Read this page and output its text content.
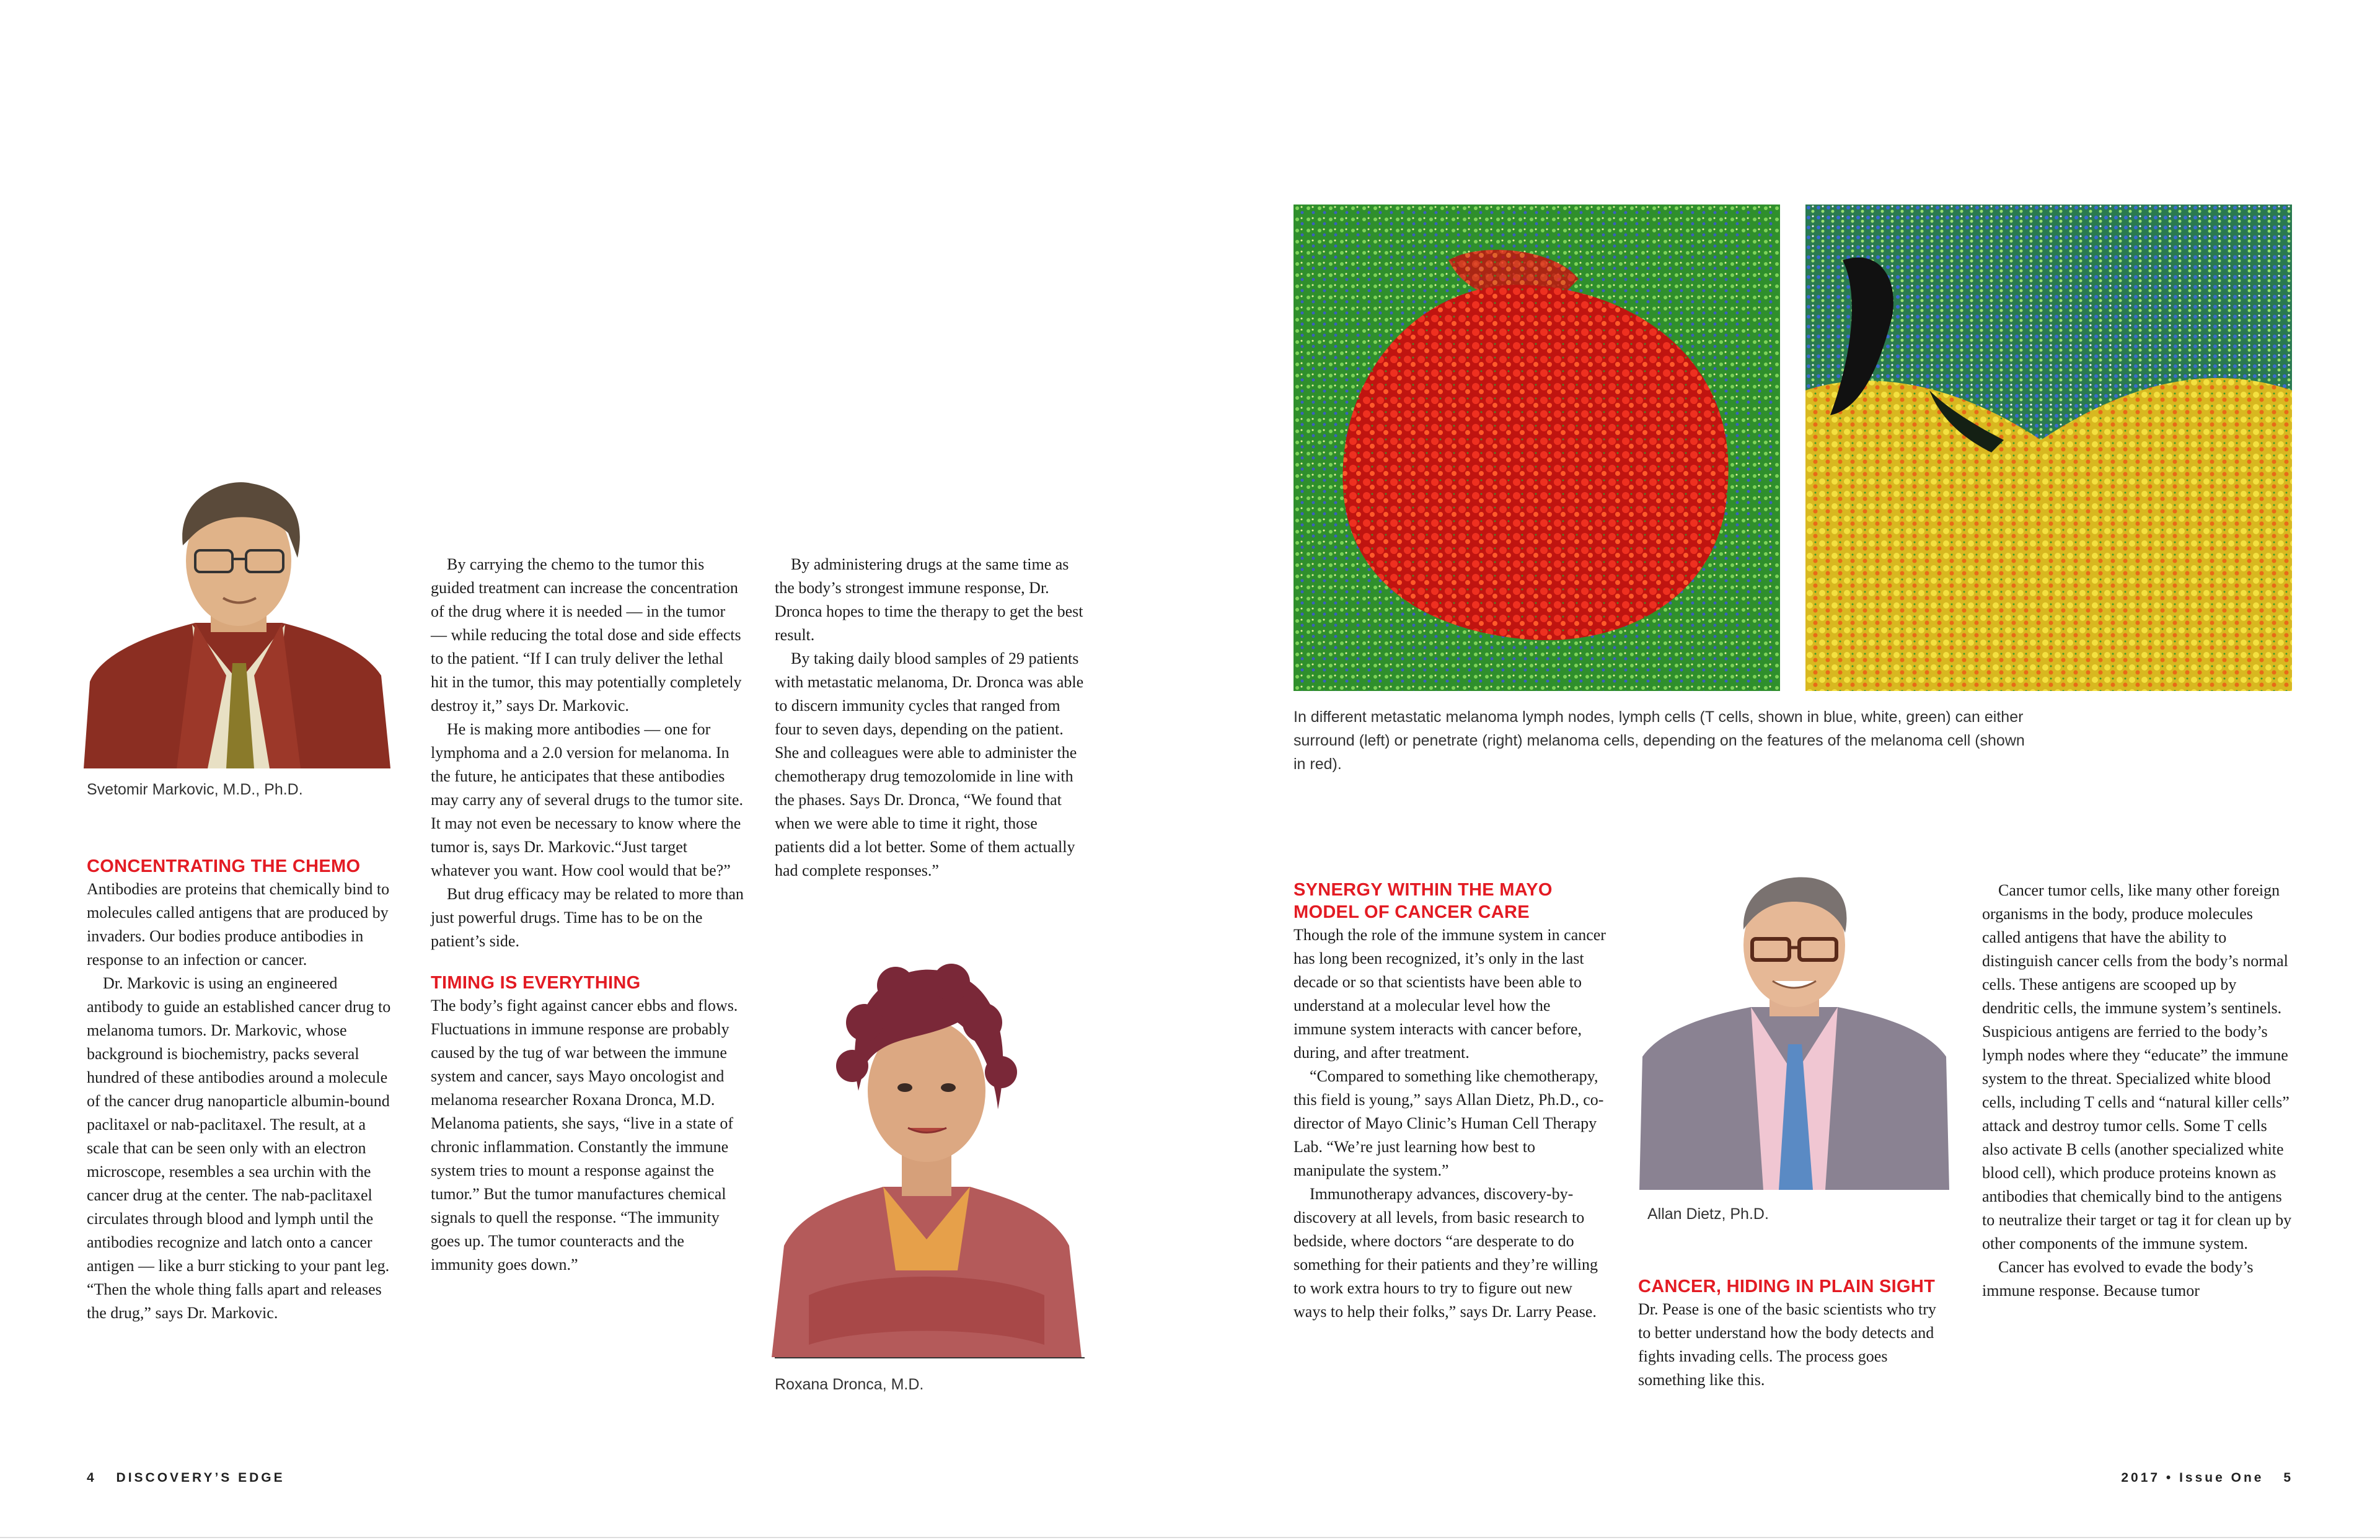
Svetomir Markovic, M.D., Ph.D.
CONCENTRATING THE CHEMO

Antibodies are proteins that chemically bind to molecules called antigens that are produced by invaders. Our bodies produce antibodies in response to an infection or cancer.

Dr. Markovic is using an engineered antibody to guide an established cancer drug to melanoma tumors. Dr. Markovic, whose background is biochemistry, packs several hundred of these antibodies around a molecule of the cancer drug nanoparticle albumin-bound paclitaxel or nab-paclitaxel. The result, at a scale that can be seen only with an electron microscope, resembles a sea urchin with the cancer drug at the center. The nab-paclitaxel circulates through blood and lymph until the antibodies recognize and latch onto a cancer antigen — like a burr sticking to your pant leg. “Then the whole thing falls apart and releases the drug,” says Dr. Markovic.

By carrying the chemo to the tumor this guided treatment can increase the concentration of the drug where it is needed — in the tumor — while reducing the total dose and side effects to the patient. “If I can truly deliver the lethal hit in the tumor, this may potentially completely destroy it,” says Dr. Markovic.

He is making more antibodies — one for lymphoma and a 2.0 version for melanoma. In the future, he anticipates that these antibodies may carry any of several drugs to the tumor site. It may not even be necessary to know where the tumor is, says Dr. Markovic.“Just target whatever you want. How cool would that be?”

But drug efficacy may be related to more than just powerful drugs. Time has to be on the patient’s side.

TIMING IS EVERYTHING

The body’s fight against cancer ebbs and flows. Fluctuations in immune response are probably caused by the tug of war between the immune system and cancer, says Mayo oncologist and melanoma researcher Roxana Dronca, M.D. Melanoma patients, she says, “live in a state of chronic inflammation. Constantly the immune system tries to mount a response against the tumor.” But the tumor manufactures chemical signals to quell the response. “The immunity goes up. The tumor counteracts and the immunity goes down.”

By administering drugs at the same time as the body’s strongest immune response, Dr. Dronca hopes to time the therapy to get the best result.

By taking daily blood samples of 29 patients with metastatic melanoma, Dr. Dronca was able to discern immunity cycles that ranged from four to seven days, depending on the patient. She and colleagues were able to administer the chemotherapy drug temozolomide in line with the phases. Says Dr. Dronca, “We found that when we were able to time it right, those patients did a lot better. Some of them actually had complete responses.”

Roxana Dronca, M.D.
4 DISCOVERY’S EDGE
In different metastatic melanoma lymph nodes, lymph cells (T cells, shown in blue, white, green) can either surround (left) or penetrate (right) melanoma cells, depending on the features of the melanoma cell (shown in red).
SYNERGY WITHIN THE MAYO MODEL OF CANCER CARE

Though the role of the immune system in cancer has long been recognized, it’s only in the last decade or so that scientists have been able to understand at a molecular level how the immune system interacts with cancer before, during, and after treatment.

“Compared to something like chemotherapy, this field is young,” says Allan Dietz, Ph.D., co-director of Mayo Clinic’s Human Cell Therapy Lab. “We’re just learning how best to manipulate the system.”

Immunotherapy advances, discovery-by-discovery at all levels, from basic research to bedside, where doctors “are desperate to do something for their patients and they’re willing to work extra hours to try to figure out new ways to help their folks,” says Dr. Larry Pease.

Allan Dietz, Ph.D.
CANCER, HIDING IN PLAIN SIGHT

Dr. Pease is one of the basic scientists who try to better understand how the body detects and fights invading cells. The process goes something like this.

Cancer tumor cells, like many other foreign organisms in the body, produce molecules called antigens that have the ability to distinguish cancer cells from the body’s normal cells. These antigens are scooped up by dendritic cells, the immune system’s sentinels. Suspicious antigens are ferried to the body’s lymph nodes where they “educate” the immune system to the threat. Specialized white blood cells, including T cells and “natural killer cells” attack and destroy tumor cells. Some T cells also activate B cells (another specialized white blood cell), which produce proteins known as antibodies that chemically bind to the antigens to neutralize their target or tag it for clean up by other components of the immune system.

Cancer has evolved to evade the body’s immune response. Because tumor

2017 • Issue One 5
